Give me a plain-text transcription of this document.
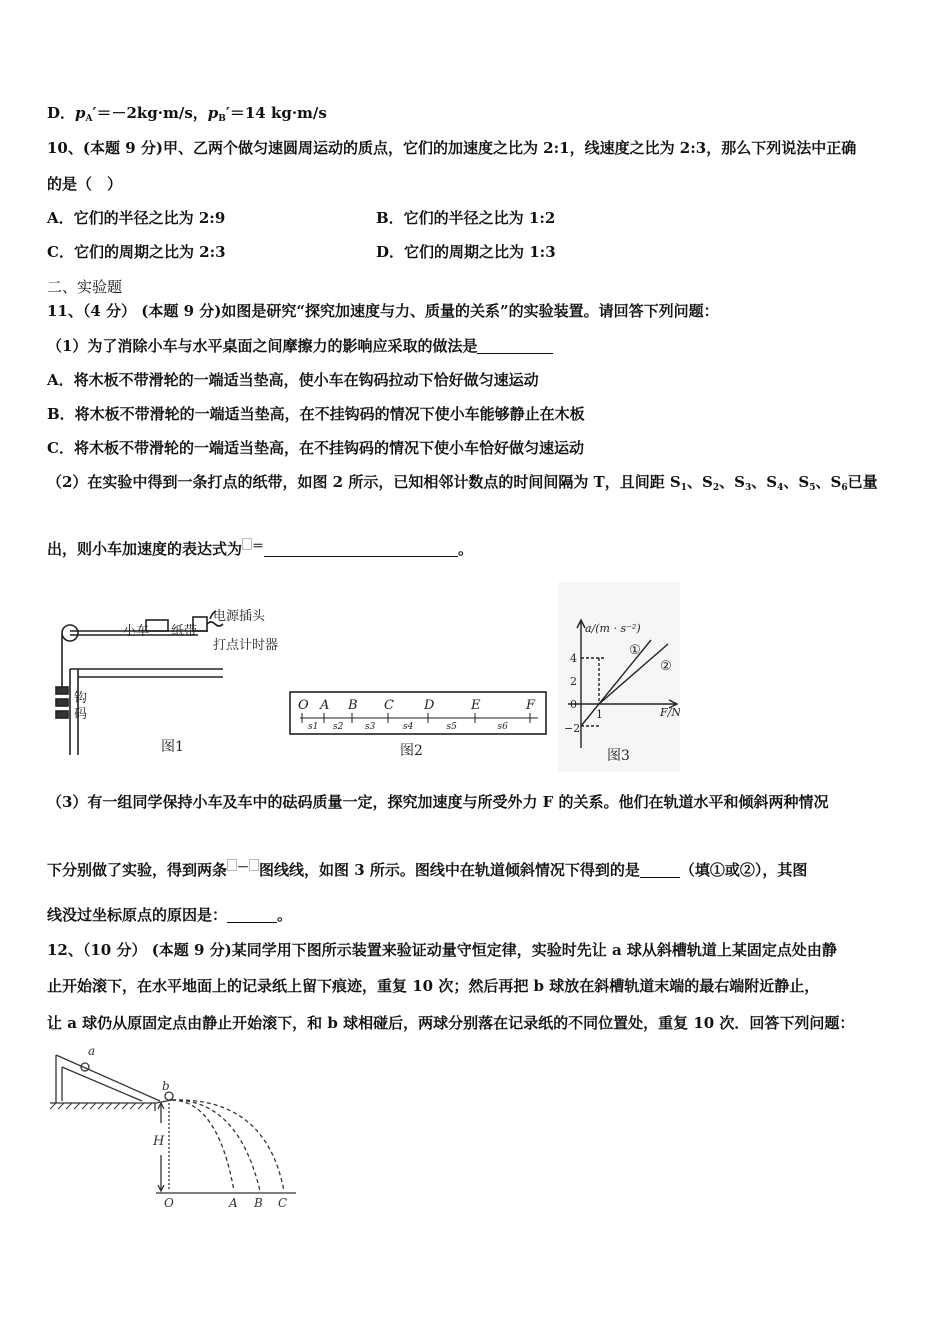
D．$p_A'=-2kg\cdot m/s$，$p_B'=14$ kg·m/s
10、(本题 9 分)甲、乙两个做匀速圆周运动的质点，它们的加速度之比为 2:1，线速度之比为 2:3，那么下列说法中正确
的是（　）
A．它们的半径之比为 2:9	B．它们的半径之比为 1:2
C．它们的周期之比为 2:3	D．它们的周期之比为 1:3
二、实验题
11、（4 分） (本题 9 分)如图是研究“探究加速度与力、质量的关系”的实验装置。请回答下列问题：
（1）为了消除小车与水平桌面之间摩擦力的影响应采取的做法是
A．将木板不带滑轮的一端适当垫高，使小车在钩码拉动下恰好做匀速运动
B．将木板不带滑轮的一端适当垫高，在不挂钩码的情况下使小车能够静止在木板
C．将木板不带滑轮的一端适当垫高，在不挂钩码的情况下使小车恰好做匀速运动
（2）在实验中得到一条打点的纸带，如图 2 所示，已知相邻计数点的时间间隔为 T，且间距 $S_1$、$S_2$、$S_3$、$S_4$、$S_5$、$S_6$已量
出，则小车加速度的表达式为 ＝	。
小车 纸带
电源插头
打点计时器
钩
码
图1
O A B C D	E	F
s1 s2 s3	s4	s5	s6
图2
a/(m · s⁻²)
F/N
4
2
0
−2
1
①
②
图3
（3）有一组同学保持小车及车中的砝码质量一定，探究加速度与所受外力 F 的关系。他们在轨道水平和倾斜两种情况
下分别做了实验，得到两条 － 图线线，如图 3 所示。图线中在轨道倾斜情况下得到的是	（填①或②），其图
线没过坐标原点的原因是：	。
12、（10 分） (本题 9 分)某同学用下图所示装置来验证动量守恒定律，实验时先让 a 球从斜槽轨道上某固定点处由静
止开始滚下，在水平地面上的记录纸上留下痕迹，重复 10 次；然后再把 b 球放在斜槽轨道末端的最右端附近静止，
让 a 球仍从原固定点由静止开始滚下，和 b 球相碰后，两球分别落在记录纸的不同位置处，重复 10 次．回答下列问题：
a
b
H
O	A B C
